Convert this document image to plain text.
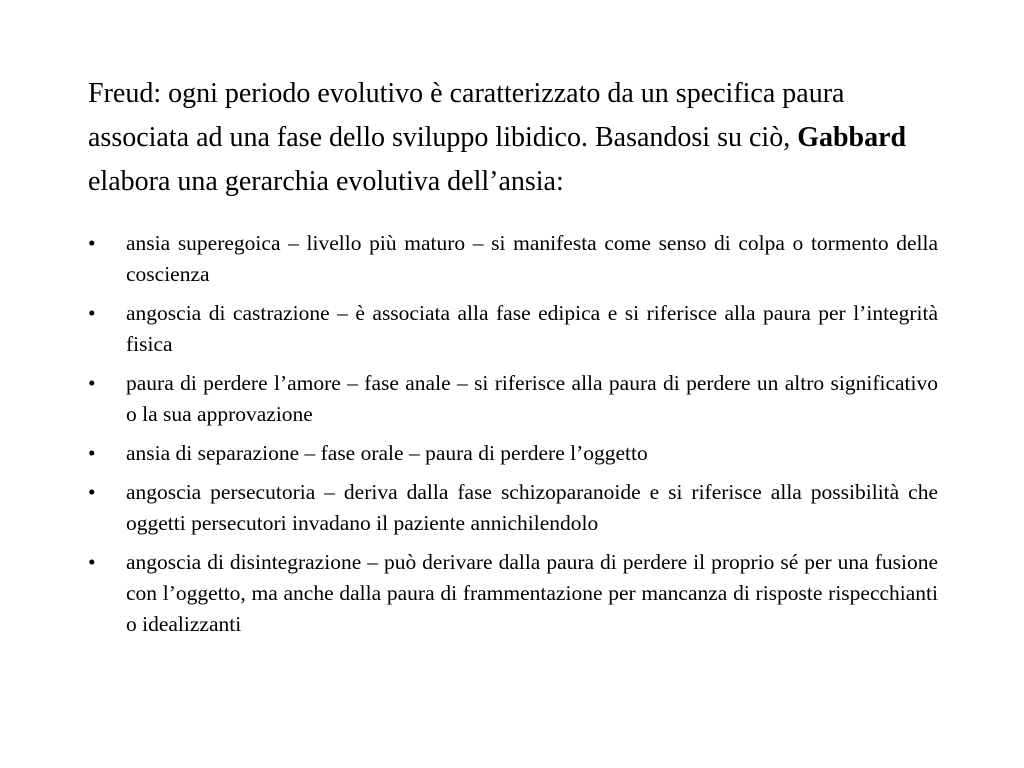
Freud: ogni periodo evolutivo è caratterizzato da un specifica paura associata ad una fase dello sviluppo libidico. Basandosi su ciò, Gabbard elabora una gerarchia evolutiva dell’ansia:

•	ansia superegoica – livello più maturo – si manifesta come senso di colpa o tormento della coscienza
•	angoscia di castrazione – è associata alla fase edipica e si riferisce alla paura per l’integrità fisica
•	paura di perdere l’amore – fase anale – si riferisce alla paura di perdere un altro significativo o la sua approvazione
•	ansia di separazione – fase orale – paura di perdere l’oggetto
•	angoscia persecutoria – deriva dalla fase schizoparanoide e si riferisce alla possibilità che oggetti persecutori invadano il paziente annichilendolo
•	angoscia di disintegrazione – può derivare dalla paura di perdere il proprio sé per una fusione con l’oggetto, ma anche dalla paura di frammentazione per mancanza di risposte rispecchianti o idealizzanti
